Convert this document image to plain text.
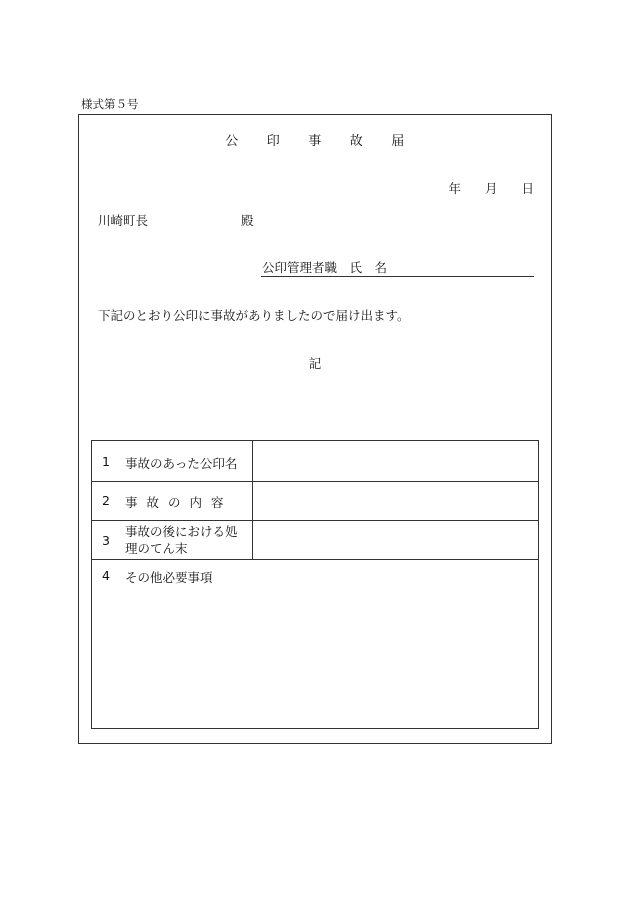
様式第５号
公 印 事 故 届
年 月 日
川崎町長	殿
公印管理者職　氏　名
下記のとおり公印に事故がありましたので届け出ます。
記
1 事故のあった公印名
2 事故の内容
3
事故の後における処理のてん末
4 その他必要事項
